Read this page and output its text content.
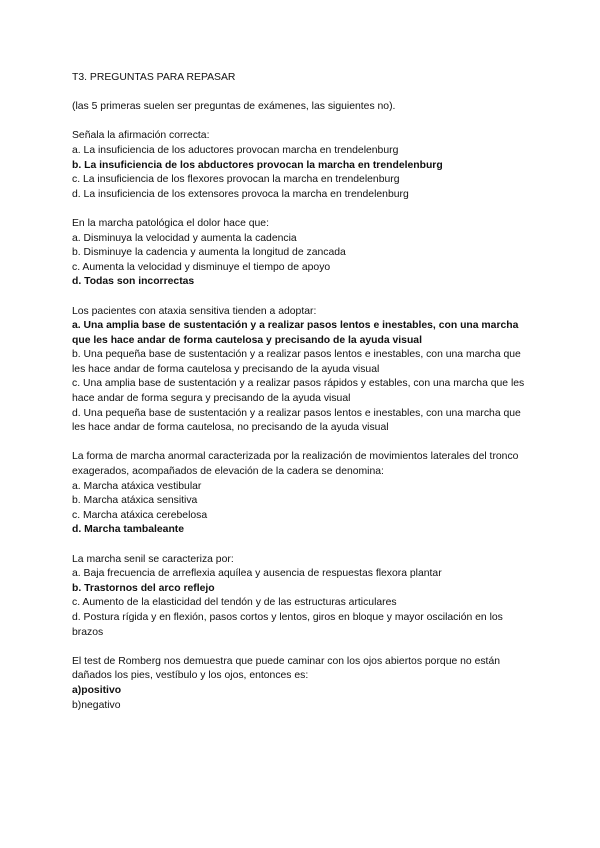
T3. PREGUNTAS PARA REPASAR
(las 5 primeras suelen ser preguntas de exámenes, las siguientes no).
Señala la afirmación correcta:
a. La insuficiencia de los aductores provocan marcha en trendelenburg
b. La insuficiencia de los abductores provocan la marcha en trendelenburg
c. La insuficiencia de los flexores provocan la marcha en trendelenburg
d. La insuficiencia de los extensores provoca la marcha en trendelenburg
En la marcha patológica el dolor hace que:
a. Disminuya la velocidad y aumenta la cadencia
b. Disminuye la cadencia y aumenta la longitud de zancada
c. Aumenta la velocidad y disminuye el tiempo de apoyo
d. Todas son incorrectas
Los pacientes con ataxia sensitiva tienden a adoptar:
a. Una amplia base de sustentación y a realizar pasos lentos e inestables, con una marcha que les hace andar de forma cautelosa y precisando de la ayuda visual
b. Una pequeña base de sustentación y a realizar pasos lentos e inestables, con una marcha que les hace andar de forma cautelosa y precisando de la ayuda visual
c. Una amplia base de sustentación y a realizar pasos rápidos y estables, con una marcha que les hace andar de forma segura y precisando de la ayuda visual
d. Una pequeña base de sustentación y a realizar pasos lentos e inestables, con una marcha que les hace andar de forma cautelosa, no precisando de la ayuda visual
La forma de marcha anormal caracterizada por la realización de movimientos laterales del tronco exagerados, acompañados de elevación de la cadera se denomina:
a. Marcha atáxica vestibular
b. Marcha atáxica sensitiva
c. Marcha atáxica cerebelosa
d. Marcha tambaleante
La marcha senil se caracteriza por:
a. Baja frecuencia de arreflexia aquílea y ausencia de respuestas flexora plantar
b. Trastornos del arco reflejo
c. Aumento de la elasticidad del tendón y de las estructuras articulares
d. Postura rígida y en flexión, pasos cortos y lentos, giros en bloque y mayor oscilación en los brazos
El test de Romberg nos demuestra que puede caminar con los ojos abiertos porque no están dañados los pies, vestíbulo y los ojos, entonces es:
a)positivo
b)negativo
